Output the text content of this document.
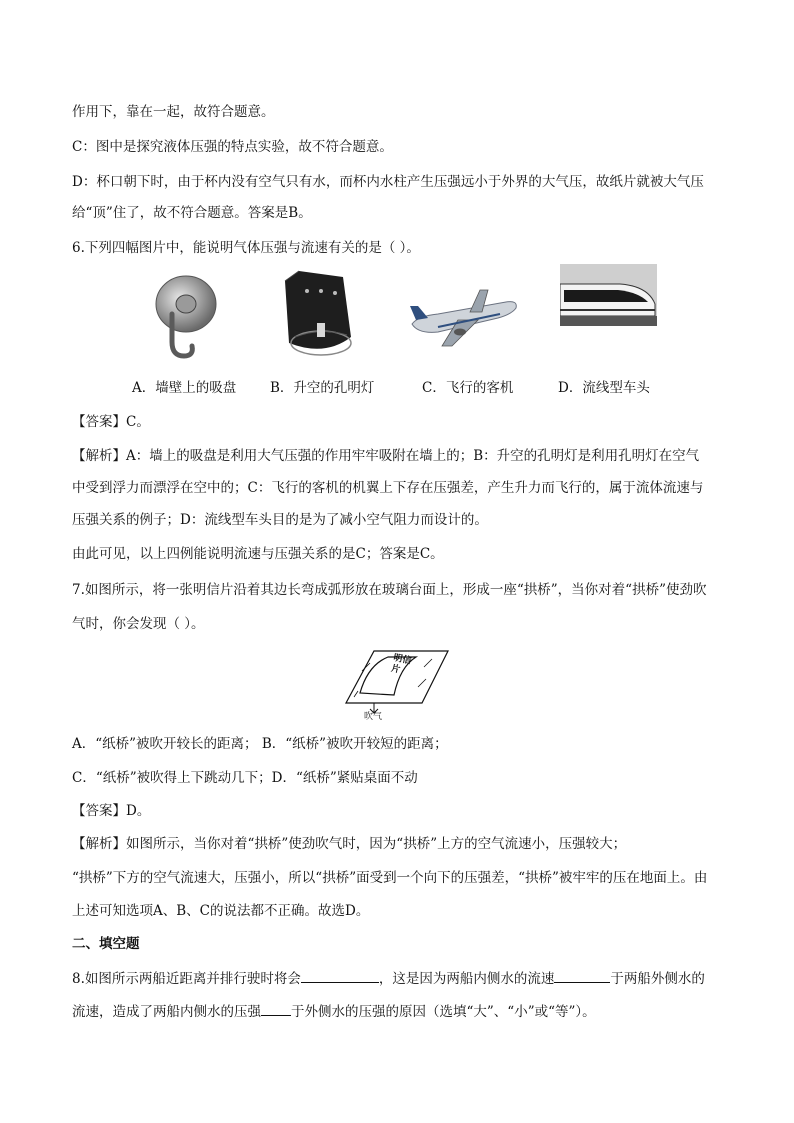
作用下，靠在一起，故符合题意。
C：图中是探究液体压强的特点实验，故不符合题意。
D：杯口朝下时，由于杯内没有空气只有水，而杯内水柱产生压强远小于外界的大气压，故纸片就被大气压
给“顶”住了，故不符合题意。答案是B。
6.下列四幅图片中，能说明气体压强与流速有关的是（ ）。
A．墙壁上的吸盘	B．升空的孔明灯	C．飞行的客机	D．流线型车头
【答案】C。
【解析】A：墙上的吸盘是利用大气压强的作用牢牢吸附在墙上的；B：升空的孔明灯是利用孔明灯在空气
中受到浮力而漂浮在空中的；C：飞行的客机的机翼上下存在压强差，产生升力而飞行的，属于流体流速与
压强关系的例子；D：流线型车头目的是为了减小空气阻力而设计的。
由此可见，以上四例能说明流速与压强关系的是C；答案是C。
7.如图所示，将一张明信片沿着其边长弯成弧形放在玻璃台面上，形成一座“拱桥”，当你对着“拱桥”使劲吹
气时，你会发现（ ）。
明信片
吹气
A．“纸桥”被吹开较长的距离； B．“纸桥”被吹开较短的距离；
C．“纸桥”被吹得上下跳动几下；D．“纸桥”紧贴桌面不动
【答案】D。
【解析】如图所示，当你对着“拱桥”使劲吹气时，因为“拱桥”上方的空气流速小，压强较大；
“拱桥”下方的空气流速大，压强小，所以“拱桥”面受到一个向下的压强差，“拱桥”被牢牢的压在地面上。由
上述可知选项A、B、C的说法都不正确。故选D。
二、填空题
8.如图所示两船近距离并排行驶时将会	，这是因为两船内侧水的流速	于两船外侧水的
流速，造成了两船内侧水的压强 于外侧水的压强的原因（选填“大”、“小”或“等”）。
